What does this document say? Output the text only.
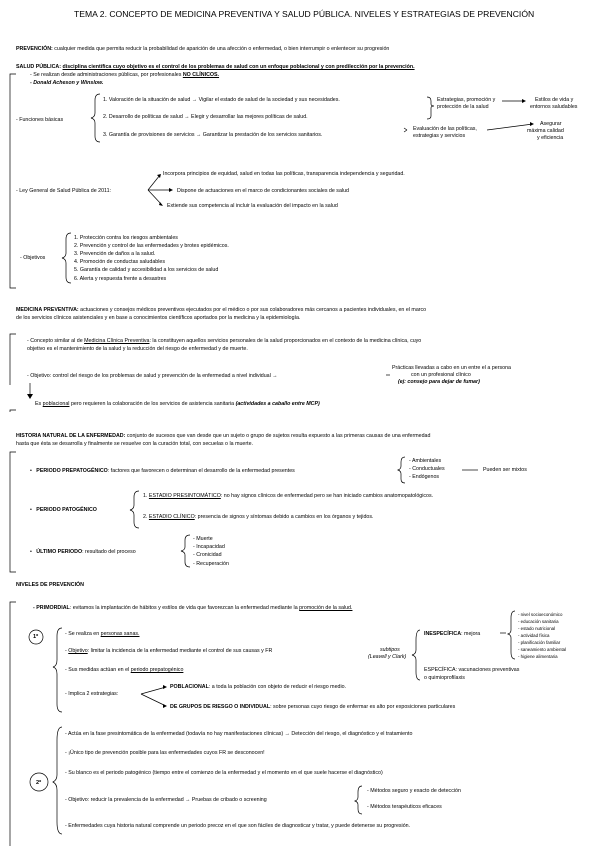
TEMA 2. CONCEPTO DE MEDICINA PREVENTIVA Y SALUD PÚBLICA. NIVELES Y ESTRATEGIAS DE PREVENCIÓN
PREVENCIÓN: cualquier medida que permita reducir la probabilidad de aparición de una afección o enfermedad, o bien interrumpir o enlentecer su progresión
SALUD PÚBLICA: disciplina científica cuyo objetivo es el control de los problemas de salud con un enfoque poblacional y con predilección por la prevención.
- Se realizan desde administraciones públicas, por profesionales NO CLÍNICOS.
- Donald Acheson y Winslow.
- Funciones básicas
1. Valoración de la situación de salud → Vigilar el estado de salud de la sociedad y sus necesidades.
2. Desarrollo de políticas de salud → Elegir y desarrollar las mejores políticas de salud.
3. Garantía de provisiones de servicios → Garantizar la prestación de los servicios sanitarios.
Estrategias, promoción y
protección de la salud
Estilos de vida y
entornos saludables
Evaluación de las políticas,
estrategias y servicios
Asegurar
máxima calidad
y eficiencia
- Ley General de Salud Pública de 2011:
Incorpora principios de equidad, salud en todas las políticas, transparencia independencia y seguridad.
Dispone de actuaciones en el marco de condicionantes sociales de salud
Extiende sus competencia al incluir la evaluación del impacto en la salud
- Objetivos
1. Protección contra los riesgos ambientales
2. Prevención y control de las enfermedades y brotes epidémicos.
3. Prevención de daños a la salud.
4. Promoción de conductas saludables
5. Garantía de calidad y accesibilidad a los servicios de salud
6. Alerta y respuesta frente a desastres
MEDICINA PREVENTIVA: actuaciones y consejos médicos preventivos ejecutados por el médico o por sus colaboradores más cercanos a pacientes individuales, en el marco
de los servicios clínicos asistenciales y en base a conocimientos científicos aportados por la medicina y la epidemiología.
- Concepto similar al de Medicina Clínica Preventiva: la constituyen aquellos servicios personales de la salud proporcionados en el contexto de la medicina clínica, cuyo
objetivo es el mantenimiento de la salud y la reducción del riesgo de enfermedad y de muerte.
- Objetivo: control del riesgo de los problemas de salud y prevención de la enfermedad a nivel individual →
Prácticas llevadas a cabo en un entre el a persona
con un profesional clínico
(ej: consejo para dejar de fumar)
Es poblacional pero requieren la colaboración de los servicios de asistencia sanitaria (actividades a caballo entre MCP)
HISTORIA NATURAL DE LA ENFERMEDAD: conjunto de sucesos que van desde que un sujeto o grupo de sujetos resulta expuesto a las primeras causas de una enfermedad
hasta que ésta se desarrolla y finalmente se resuelve con la curación total, con secuelas o la muerte.
• PERIODO PREPATOGÉNICO: factores que favorecen o determinan el desarrollo de la enfermedad presentes
- Ambientales
- Conductuales
- Endógenos
Pueden ser mixtos
• PERIODO PATOGÉNICO
1. ESTADIO PRESINTOMÁTICO: no hay signos clínicos de enfermedad pero se han iniciado cambios anatomopatológicos.
2. ESTADIO CLÍNICO: presencia de signos y síntomas debido a cambios en los órganos y tejidos.
• ÚLTIMO PERIODO: resultado del proceso
- Muerte
- Incapacidad
- Cronicidad
- Recuperación
NIVELES DE PREVENCIÓN
- PRIMORDIAL: evitamos la implantación de hábitos y estilos de vida que favorezcan la enfermedad mediante la promoción de la salud.
1º	- Se realiza en personas sanas.
- Objetivo: limitar la incidencia de la enfermedad mediante el control de sus causas y FR
- Sus medidas actúan en el periodo prepatogénico
- Implica 2 estrategias:
POBLACIONAL: a toda la población con objeto de reducir el riesgo medio.
DE GRUPOS DE RIESGO O INDIVIDUAL: sobre personas cuyo riesgo de enfermar es alto por exposiciones particulares
subtipos
(Leavell y Clark)
INESPECÍFICA: mejora
- nivel socioeconómico
- educación sanitaria
- estado nutricional
- actividad física
- planificación familiar
- saneamiento ambiental
- higiene alimentaria
ESPECÍFICA: vacunaciones preventivas
o quimioprofilaxis
2º
- Actúa en la fase presintomática de la enfermedad (todavía no hay manifestaciones clínicas) → Detección del riesgo, el diagnóstico y el tratamiento
- ¡Único tipo de prevención posible para las enfermedades cuyos FR se desconocen!
- Su blanco es el periodo patogénico (tiempo entre el comienzo de la enfermedad y el momento en el que suele hacerse el diagnóstico)
- Objetivo: reducir la prevalencia de la enfermedad → Pruebas de cribado o screening
- Métodos seguro y exacto de detección
- Métodos terapéuticos eficaces
- Enfermedades cuya historia natural comprende un periodo precoz en el que son fáciles de diagnosticar y tratar, y puede detenerse su progresión.
